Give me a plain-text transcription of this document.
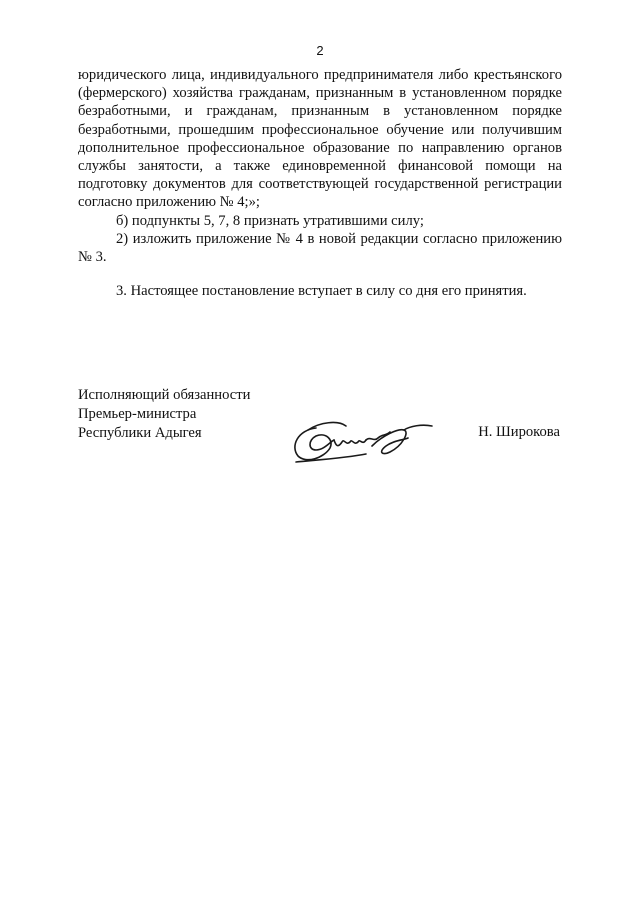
2

юридического лица, индивидуального предпринимателя либо крестьянского (фермерского) хозяйства гражданам, признанным в установленном порядке безработными, и гражданам, признанным в установленном порядке безработными, прошедшим профессиональное обучение или получившим дополнительное профессиональное образование по направлению органов службы занятости, а также единовременной финансовой помощи на подготовку документов для соответствующей государственной регистрации согласно приложению № 4;»;

б) подпункты 5, 7, 8 признать утратившими силу;

2) изложить приложение № 4 в новой редакции согласно приложению № 3.

3. Настоящее постановление вступает в силу со дня его принятия.

Исполняющий обязанности
Премьер-министра
Республики Адыгея	Н. Широкова
